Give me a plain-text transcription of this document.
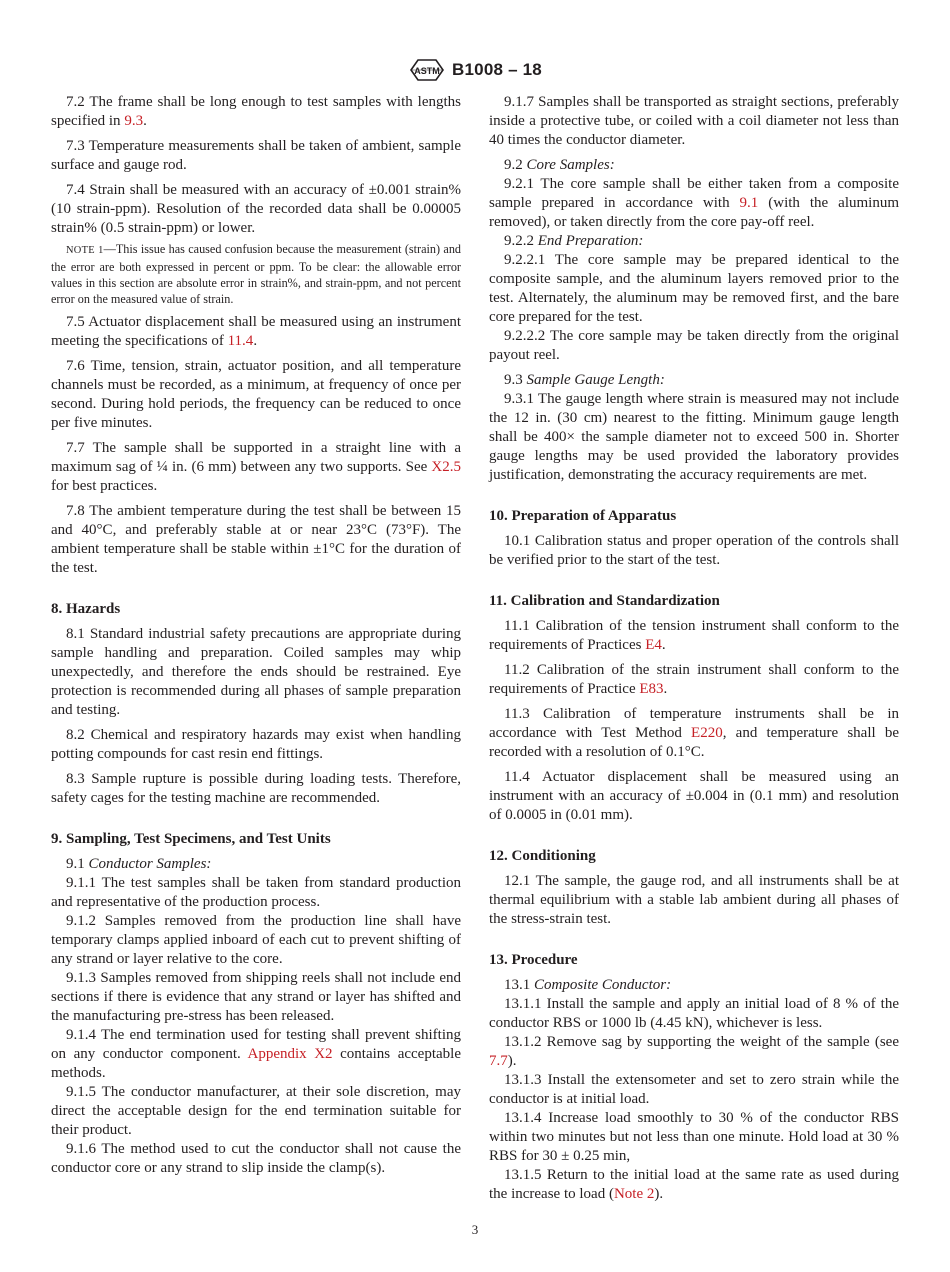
ASTM B1008 – 18

7.2 The frame shall be long enough to test samples with lengths specified in 9.3.

7.3 Temperature measurements shall be taken of ambient, sample surface and gauge rod.

7.4 Strain shall be measured with an accuracy of ±0.001 strain% (10 strain-ppm). Resolution of the recorded data shall be 0.00005 strain% (0.5 strain-ppm) or lower.

NOTE 1—This issue has caused confusion because the measurement (strain) and the error are both expressed in percent or ppm. To be clear: the allowable error values in this section are absolute error in strain%, and strain-ppm, and not percent error on the measured value of strain.

7.5 Actuator displacement shall be measured using an instrument meeting the specifications of 11.4.

7.6 Time, tension, strain, actuator position, and all temperature channels must be recorded, as a minimum, at frequency of once per second. During hold periods, the frequency can be reduced to once per five minutes.

7.7 The sample shall be supported in a straight line with a maximum sag of ¼ in. (6 mm) between any two supports. See X2.5 for best practices.

7.8 The ambient temperature during the test shall be between 15 and 40°C, and preferably stable at or near 23°C (73°F). The ambient temperature shall be stable within ±1°C for the duration of the test.

8. Hazards

8.1 Standard industrial safety precautions are appropriate during sample handling and preparation. Coiled samples may whip unexpectedly, and therefore the ends should be restrained. Eye protection is recommended during all phases of sample preparation and testing.

8.2 Chemical and respiratory hazards may exist when handling potting compounds for cast resin end fittings.

8.3 Sample rupture is possible during loading tests. Therefore, safety cages for the testing machine are recommended.

9. Sampling, Test Specimens, and Test Units

9.1 Conductor Samples:

9.1.1 The test samples shall be taken from standard production and representative of the production process.

9.1.2 Samples removed from the production line shall have temporary clamps applied inboard of each cut to prevent shifting of any strand or layer relative to the core.

9.1.3 Samples removed from shipping reels shall not include end sections if there is evidence that any strand or layer has shifted and the manufacturing pre-stress has been released.

9.1.4 The end termination used for testing shall prevent shifting on any conductor component. Appendix X2 contains acceptable methods.

9.1.5 The conductor manufacturer, at their sole discretion, may direct the acceptable design for the end termination suitable for their product.

9.1.6 The method used to cut the conductor shall not cause the conductor core or any strand to slip inside the clamp(s).

9.1.7 Samples shall be transported as straight sections, preferably inside a protective tube, or coiled with a coil diameter not less than 40 times the conductor diameter.

9.2 Core Samples:

9.2.1 The core sample shall be either taken from a composite sample prepared in accordance with 9.1 (with the aluminum removed), or taken directly from the core pay-off reel.

9.2.2 End Preparation:

9.2.2.1 The core sample may be prepared identical to the composite sample, and the aluminum layers removed prior to the test. Alternately, the aluminum may be removed first, and the bare core prepared for the test.

9.2.2.2 The core sample may be taken directly from the original payout reel.

9.3 Sample Gauge Length:

9.3.1 The gauge length where strain is measured may not include the 12 in. (30 cm) nearest to the fitting. Minimum gauge length shall be 400× the sample diameter not to exceed 500 in. Shorter gauge lengths may be used provided the laboratory provides justification, demonstrating the accuracy requirements are met.

10. Preparation of Apparatus

10.1 Calibration status and proper operation of the controls shall be verified prior to the start of the test.

11. Calibration and Standardization

11.1 Calibration of the tension instrument shall conform to the requirements of Practices E4.

11.2 Calibration of the strain instrument shall conform to the requirements of Practice E83.

11.3 Calibration of temperature instruments shall be in accordance with Test Method E220, and temperature shall be recorded with a resolution of 0.1°C.

11.4 Actuator displacement shall be measured using an instrument with an accuracy of ±0.004 in (0.1 mm) and resolution of 0.0005 in (0.01 mm).

12. Conditioning

12.1 The sample, the gauge rod, and all instruments shall be at thermal equilibrium with a stable lab ambient during all phases of the stress-strain test.

13. Procedure

13.1 Composite Conductor:

13.1.1 Install the sample and apply an initial load of 8 % of the conductor RBS or 1000 lb (4.45 kN), whichever is less.

13.1.2 Remove sag by supporting the weight of the sample (see 7.7).

13.1.3 Install the extensometer and set to zero strain while the conductor is at initial load.

13.1.4 Increase load smoothly to 30 % of the conductor RBS within two minutes but not less than one minute. Hold load at 30 % RBS for 30 ± 0.25 min,

13.1.5 Return to the initial load at the same rate as used during the increase to load (Note 2).

3
